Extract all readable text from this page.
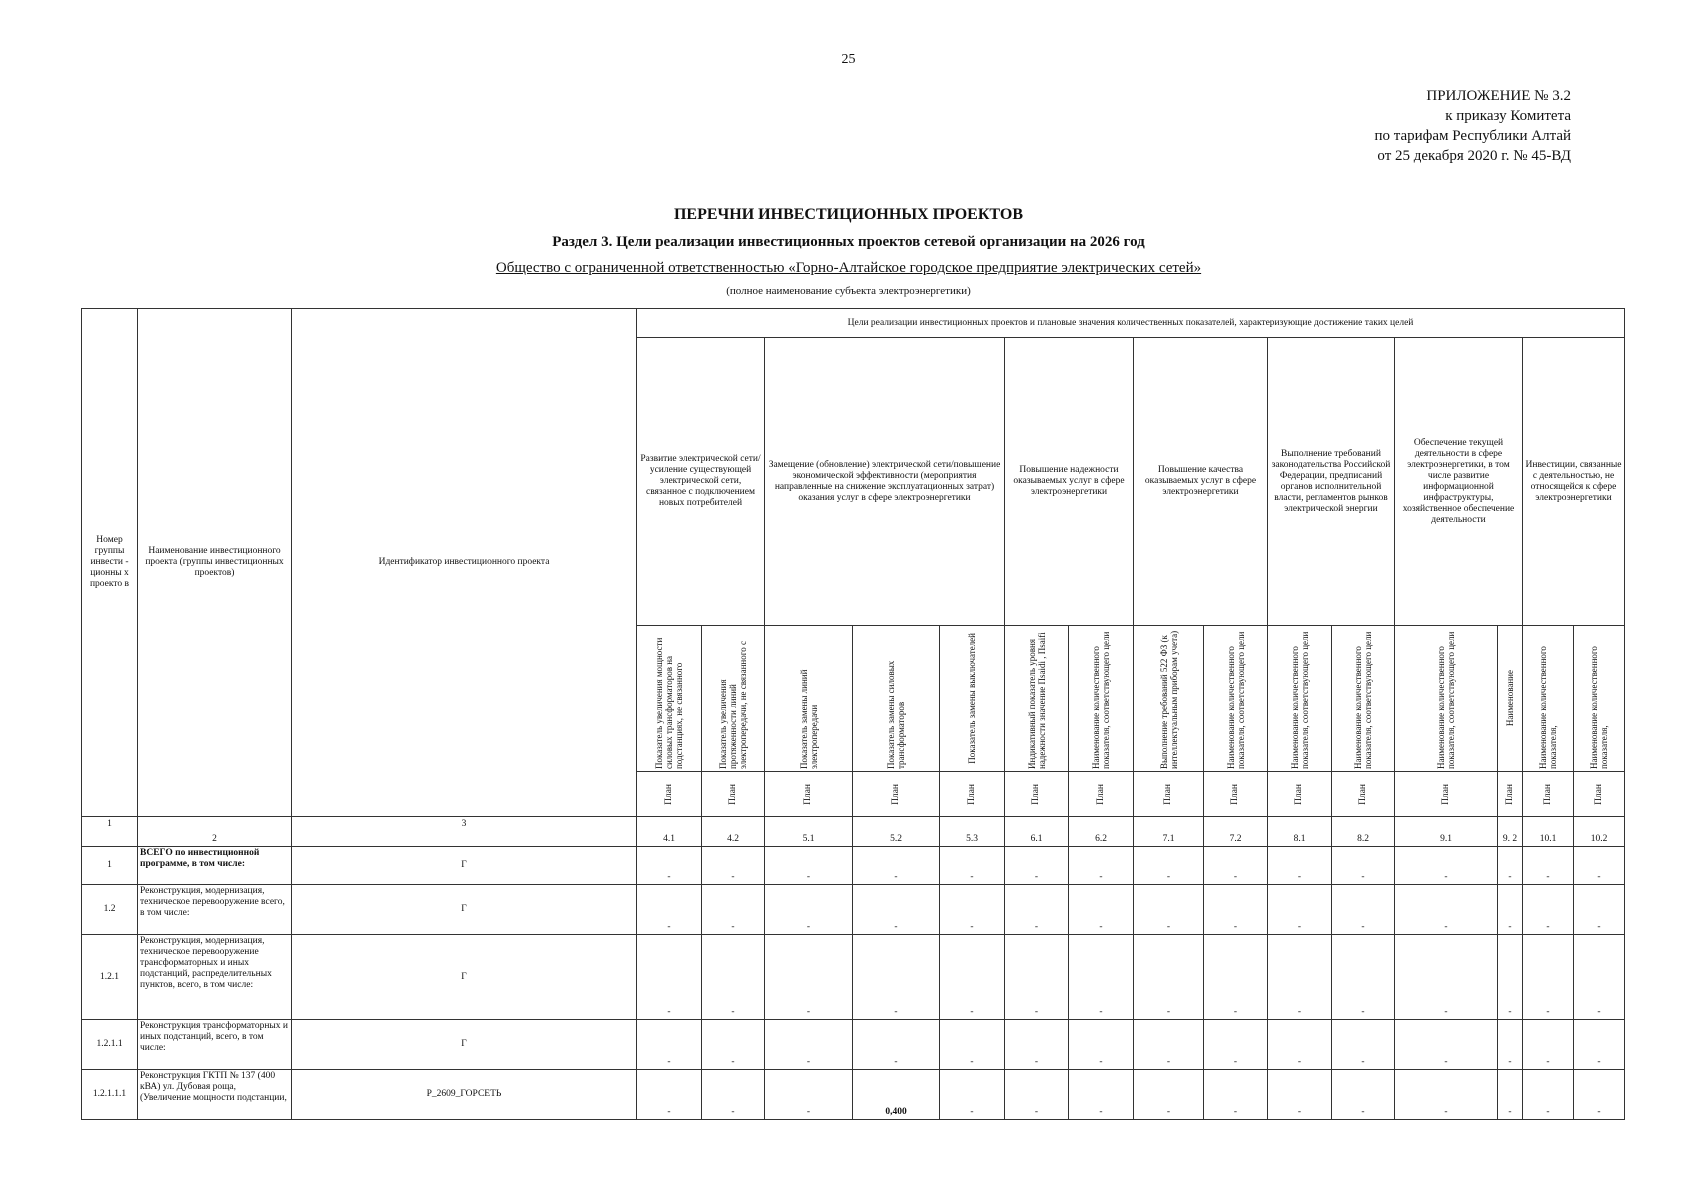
25
ПРИЛОЖЕНИЕ № 3.2
к приказу Комитета
по тарифам Республики Алтай
от 25 декабря 2020 г. № 45-ВД
ПЕРЕЧНИ ИНВЕСТИЦИОННЫХ ПРОЕКТОВ
Раздел 3. Цели реализации инвестиционных проектов сетевой организации на 2026 год
Общество с ограниченной ответственностью «Горно-Алтайское городское предприятие электрических сетей»
(полное наименование субъекта электроэнергетики)
Номер группы инвести - ционны х проекто в	Наименование инвестиционного проекта (группы инвестиционных проектов)	Идентификатор инвестиционного проекта	Цели реализации инвестиционных проектов и плановые значения количественных показателей, характеризующие достижение таких целей														
			Развитие электрической сети/усиление существующей электрической сети, связанное с подключением новых потребителей		Замещение (обновление) электрической сети/повышение экономической эффективности (мероприятия направленные на снижение эксплуатационных затрат) оказания услуг в сфере электроэнергетики			Повышение надежности оказываемых услуг в сфере электроэнергетики		Повышение качества оказываемых услуг в сфере электроэнергетики		Выполнение требований законодательства Российской Федерации, предписаний органов исполнительной власти, регламентов рынков электрической энергии		Обеспечение текущей деятельности в сфере электроэнергетики, в том числе развитие информационной инфраструктуры, хозяйственное обеспечение деятельности		Инвестиции, связанные с деятельностью, не относящейся к сфере электроэнергетики	

			Показатель увеличения мощности силовых трансформаторов на подстанциях, не связанного	Показатель увеличения протяженности линий электропередачи, не связанного с	Показатель замены линий электропередачи	Показатель замены силовых трансформаторов	Показатель замены выключателей	Индикативный показатель уровня надежности значение Пsaidi , Пsaifi	Наименование количественного показателя, соответствующего цели	Выполнение требований 522 ФЗ (к интеллектуальным приборам учета)	Наименование количественного показателя, соответствующего цели	Наименование количественного показателя, соответствующего цели	Наименование количественного показателя, соответствующего цели	Наименование количественного показателя, соответствующего цели	Наименование	Наименование количественного показателя,	Наименование количественного показателя,

			План	План	План	План	План	План	План	План	План	План	План	План	План	План	План

1	2	3	4.1	4.2	5.1	5.2	5.3	6.1	6.2	7.1	7.2	8.1	8.2	9.1	9. 2	10.1	10.2
1	ВСЕГО по инвестиционной программе, в том числе:	Г	-	-	-	-	-	-	-	-	-	-	-	-	-	-	-
1.2	Реконструкция, модернизация, техническое перевооружение всего, в том числе:	Г	-	-	-	-	-	-	-	-	-	-	-	-	-	-	-
1.2.1	Реконструкция, модернизация, техническое перевооружение трансформаторных и иных подстанций, распределительных пунктов, всего, в том числе:	Г	-	-	-	-	-	-	-	-	-	-	-	-	-	-	-
1.2.1.1	Реконструкция трансформаторных и иных подстанций, всего, в том числе:	Г	-	-	-	-	-	-	-	-	-	-	-	-	-	-	-
1.2.1.1.1	Реконструкция ГКТП № 137 (400 кВА) ул. Дубовая роща, (Увеличение мощности подстанции,	P_2609_ГОРСЕТЬ	-	-	-	0,400	-	-	-	-	-	-	-	-	-	-	-
